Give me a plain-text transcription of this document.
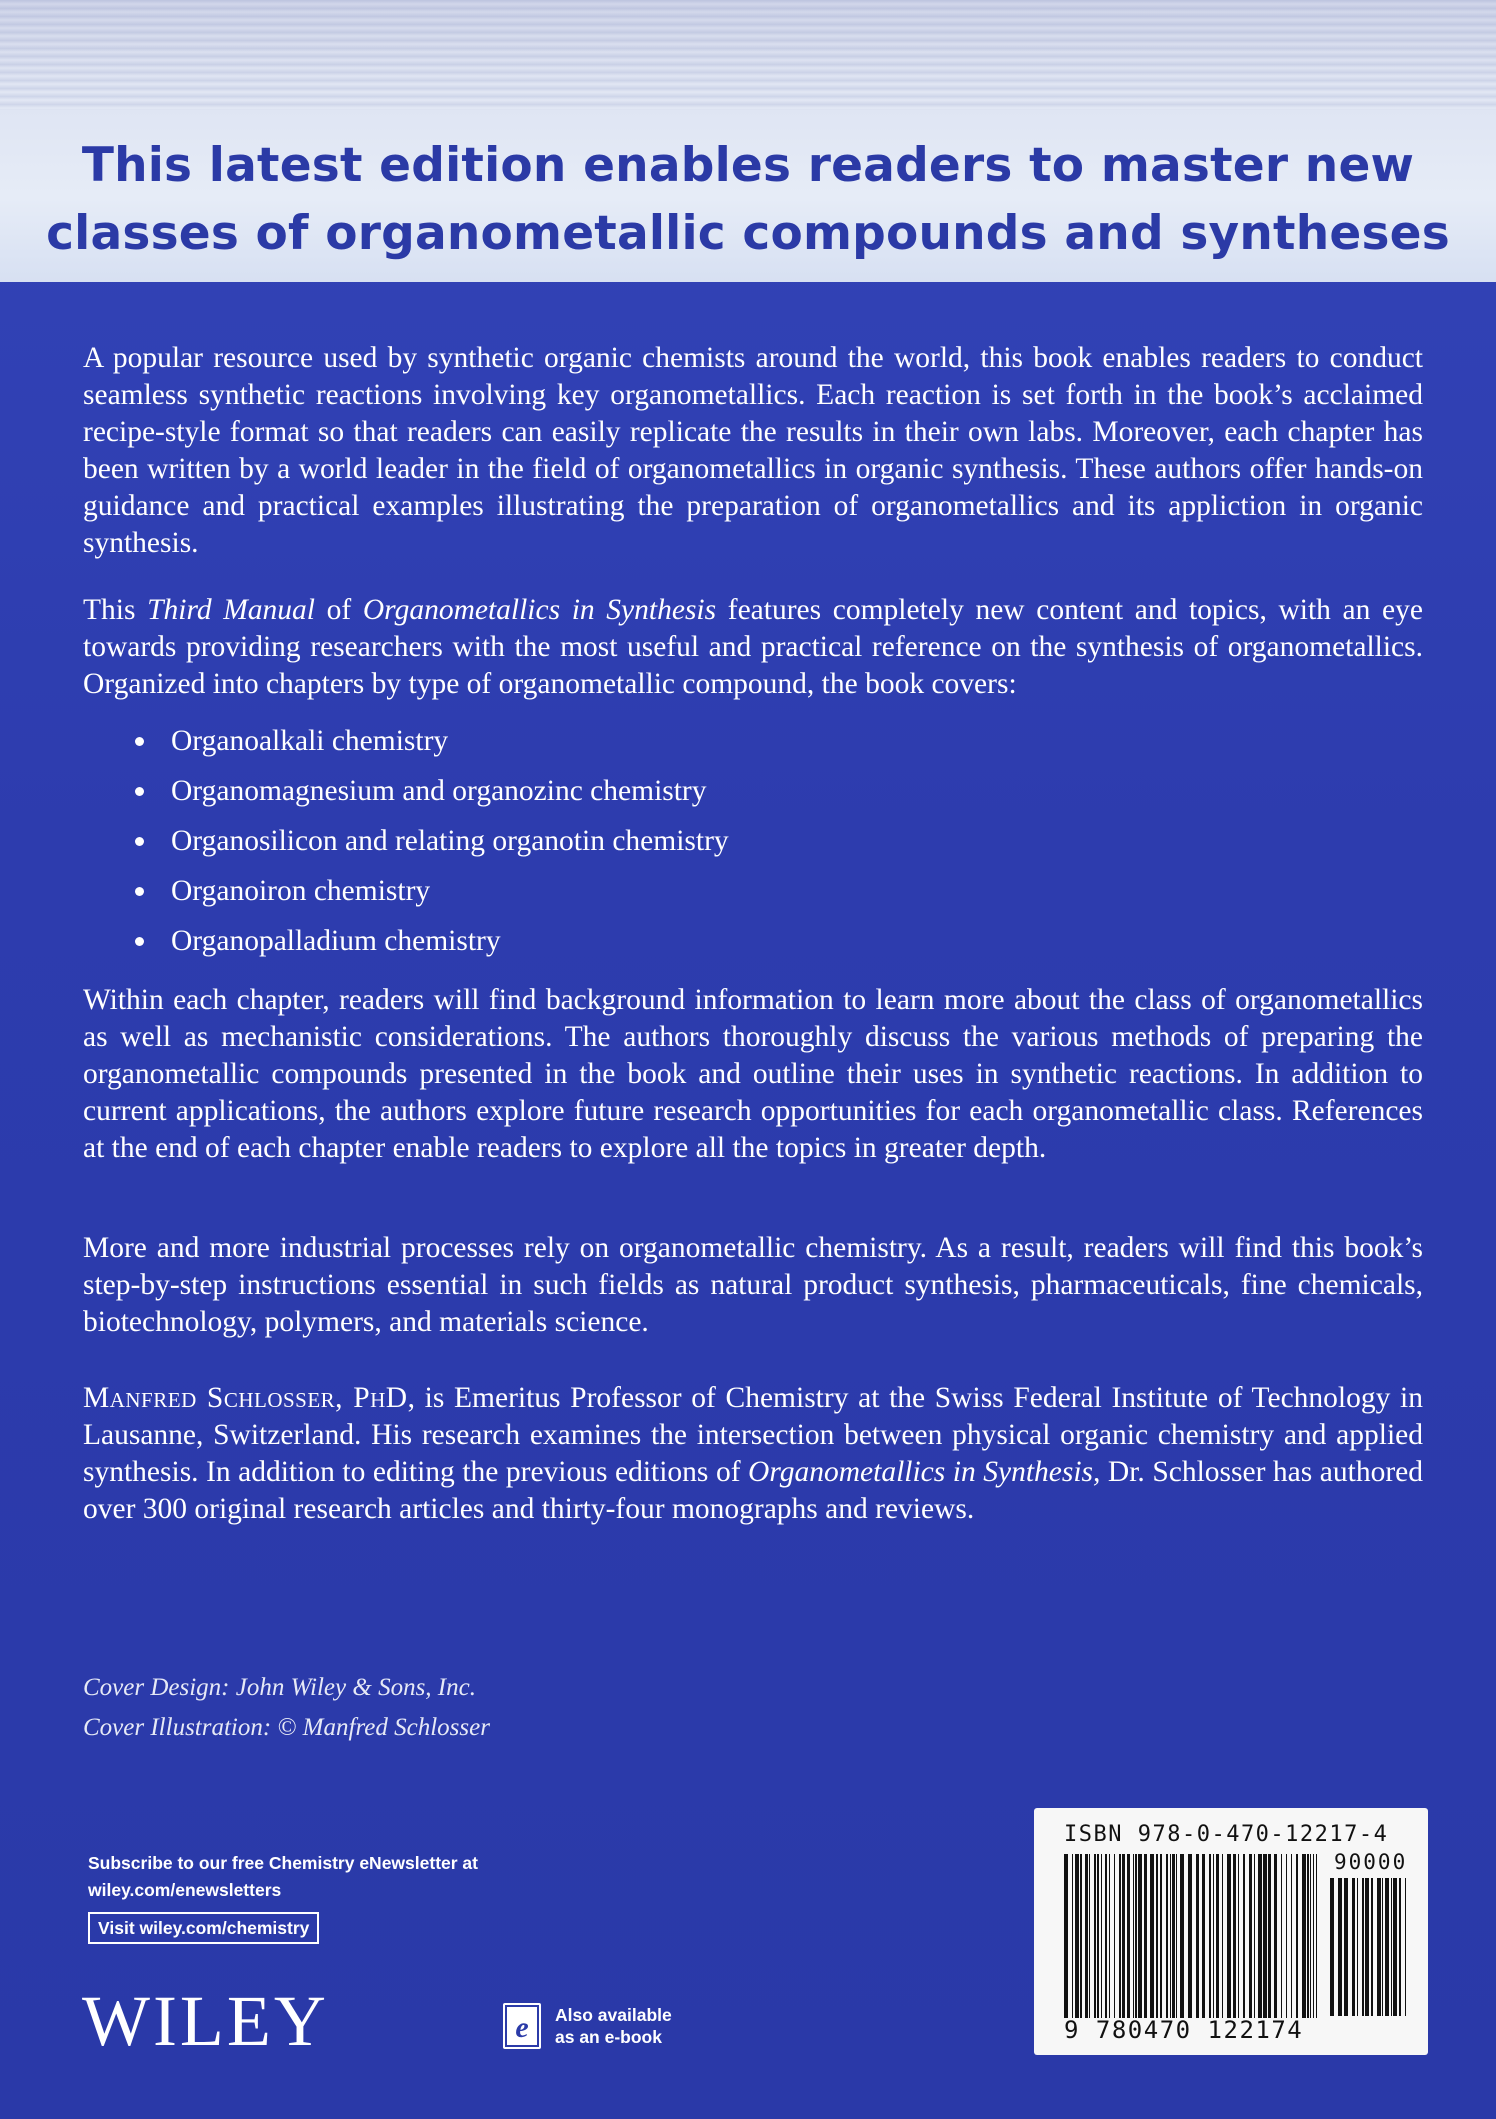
This latest edition enables readers to master new
classes of organometallic compounds and syntheses

A popular resource used by synthetic organic chemists around the world, this book enables readers to conduct seamless synthetic reactions involving key organometallics. Each reaction is set forth in the book’s acclaimed recipe-style format so that readers can easily replicate the results in their own labs. Moreover, each chapter has been written by a world leader in the field of organometallics in organic synthesis. These authors offer hands-on guidance and practical examples illustrating the preparation of organometallics and its appliction in organic synthesis.

This Third Manual of Organometallics in Synthesis features completely new content and topics, with an eye towards providing researchers with the most useful and practical reference on the synthesis of organometallics. Organized into chapters by type of organometallic compound, the book covers:

Organoalkali chemistry
Organomagnesium and organozinc chemistry
Organosilicon and relating organotin chemistry
Organoiron chemistry
Organopalladium chemistry

Within each chapter, readers will find background information to learn more about the class of organometallics as well as mechanistic considerations. The authors thoroughly discuss the various methods of preparing the organometallic compounds presented in the book and outline their uses in synthetic reactions. In addition to current applications, the authors explore future research opportunities for each organometallic class. References at the end of each chapter enable readers to explore all the topics in greater depth.

More and more industrial processes rely on organometallic chemistry. As a result, readers will find this book’s step-by-step instructions essential in such fields as natural product synthesis, pharmaceuticals, fine chemicals, biotechnology, polymers, and materials science.

Manfred Schlosser, PhD, is Emeritus Professor of Chemistry at the Swiss Federal Institute of Technology in Lausanne, Switzerland. His research examines the intersection between physical organic chemistry and applied synthesis. In addition to editing the previous editions of Organometallics in Synthesis, Dr. Schlosser has authored over 300 original research articles and thirty-four monographs and reviews.

Cover Design: John Wiley & Sons, Inc.
Cover Illustration: © Manfred Schlosser
Subscribe to our free Chemistry eNewsletter at
wiley.com/enewsletters
Visit wiley.com/chemistry
WILEY	e Also available
as an e-book
ISBN 978-0-470-12217-4
90000
9 780470 122174
